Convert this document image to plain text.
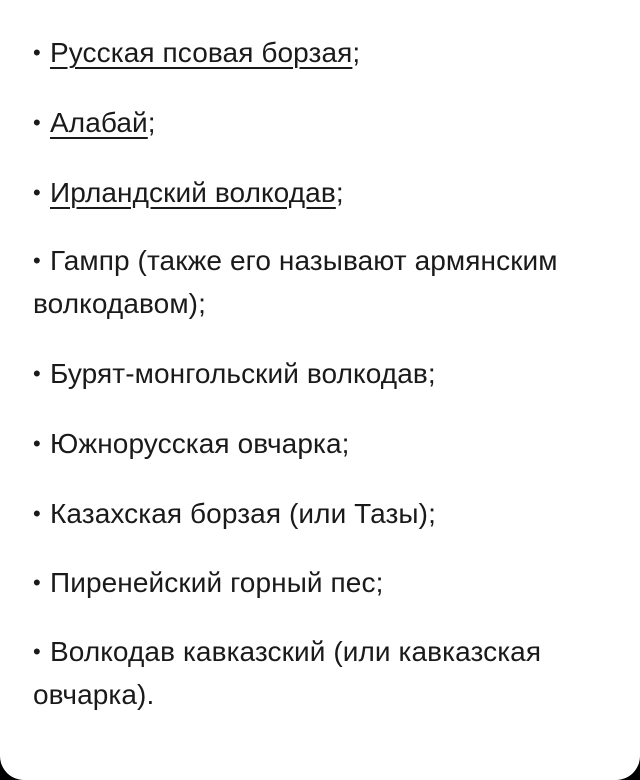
• Русская псовая борзая;

• Алабай;

• Ирландский волкодав;

• Гампр (также его называют армянским волкодавом);

• Бурят-монгольский волкодав;

• Южнорусская овчарка;

• Казахская борзая (или Тазы);

• Пиренейский горный пес;

• Волкодав кавказский (или кавказская овчарка).
